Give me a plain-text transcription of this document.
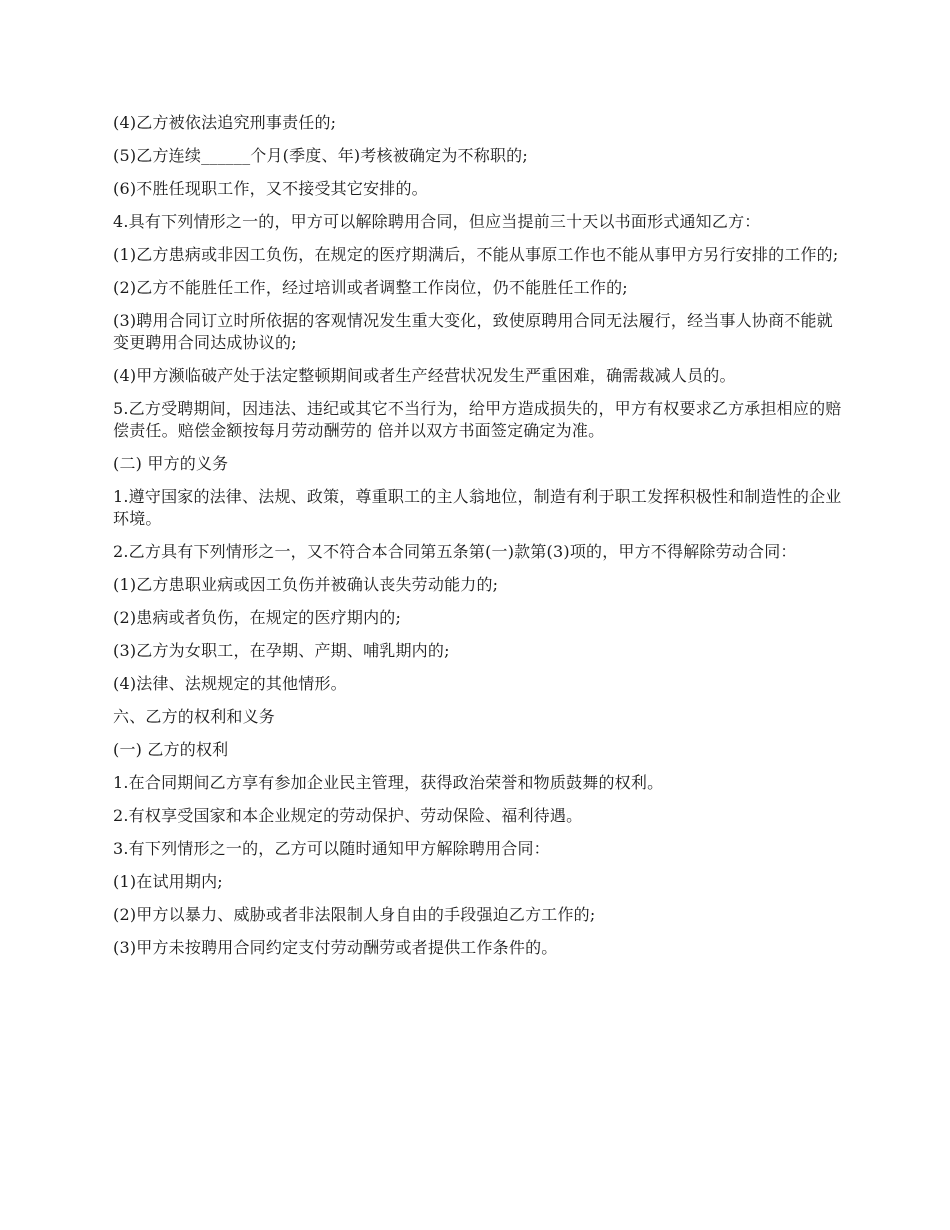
(4)乙方被依法追究刑事责任的;

(5)乙方连续______个月(季度、年)考核被确定为不称职的;

(6)不胜任现职工作，又不接受其它安排的。

4.具有下列情形之一的，甲方可以解除聘用合同，但应当提前三十天以书面形式通知乙方：

(1)乙方患病或非因工负伤，在规定的医疗期满后，不能从事原工作也不能从事甲方另行安排的工作的;

(2)乙方不能胜任工作，经过培训或者调整工作岗位，仍不能胜任工作的;

(3)聘用合同订立时所依据的客观情况发生重大变化，致使原聘用合同无法履行，经当事人协商不能就变更聘用合同达成协议的;

(4)甲方濒临破产处于法定整顿期间或者生产经营状况发生严重困难，确需裁减人员的。

5.乙方受聘期间，因违法、违纪或其它不当行为，给甲方造成损失的，甲方有权要求乙方承担相应的赔偿责任。赔偿金额按每月劳动酬劳的 倍并以双方书面签定确定为准。

(二) 甲方的义务

1.遵守国家的法律、法规、政策，尊重职工的主人翁地位，制造有利于职工发挥积极性和制造性的企业环境。

2.乙方具有下列情形之一，又不符合本合同第五条第(一)款第(3)项的，甲方不得解除劳动合同：

(1)乙方患职业病或因工负伤并被确认丧失劳动能力的;

(2)患病或者负伤，在规定的医疗期内的;

(3)乙方为女职工，在孕期、产期、哺乳期内的;

(4)法律、法规规定的其他情形。

六、乙方的权利和义务

(一) 乙方的权利

1.在合同期间乙方享有参加企业民主管理，获得政治荣誉和物质鼓舞的权利。

2.有权享受国家和本企业规定的劳动保护、劳动保险、福利待遇。

3.有下列情形之一的，乙方可以随时通知甲方解除聘用合同：

(1)在试用期内;

(2)甲方以暴力、威胁或者非法限制人身自由的手段强迫乙方工作的;

(3)甲方未按聘用合同约定支付劳动酬劳或者提供工作条件的。
